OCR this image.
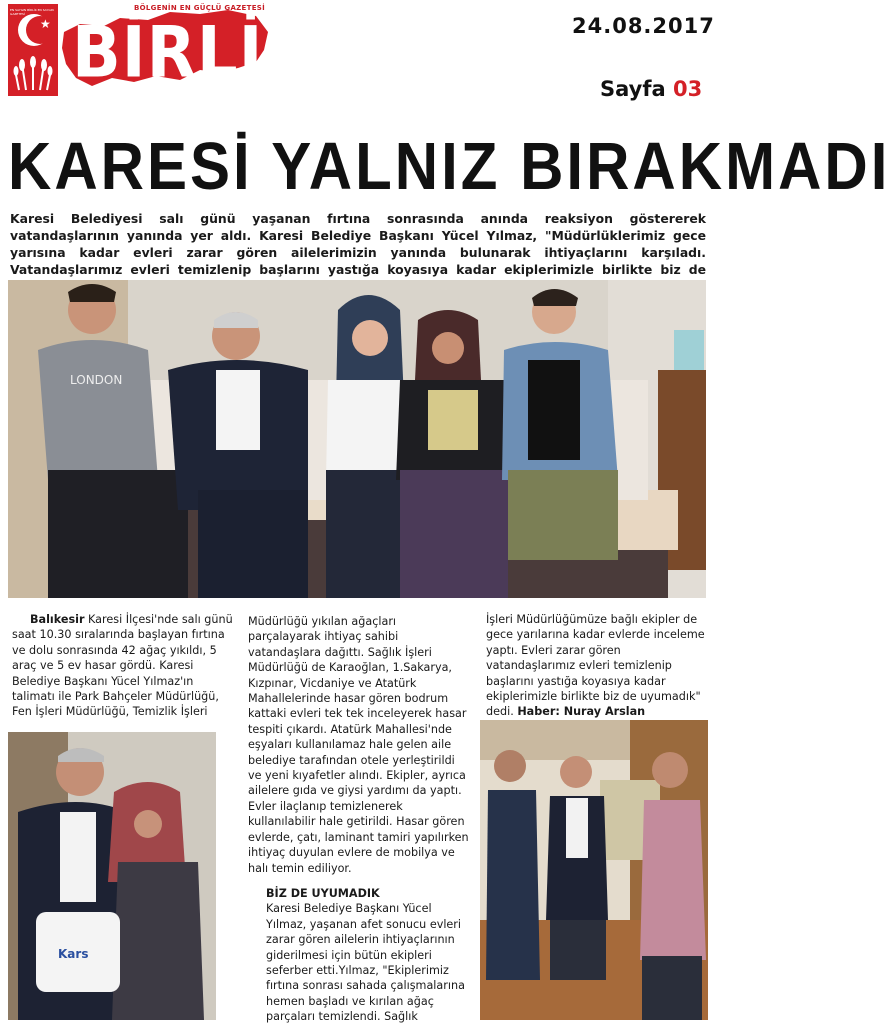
EN SAYGIN BİRLİK EN SAYGIN GAZETESİ
★
BÖLGENİN EN GÜÇLÜ GAZETESİ
BİRLİK	24.08.2017
Sayfa 03
KARESİ YALNIZ BIRAKMADI
Karesi Belediyesi salı günü yaşanan fırtına sonrasında anında reaksiyon göstererek vatandaşlarının yanında yer aldı. Karesi Belediye Başkanı Yücel Yılmaz, "Müdürlüklerimiz gece yarısına kadar evleri zarar gören ailelerimizin yanında bulunarak ihtiyaçlarını karşıladı. Vatandaşlarımız evleri temizlenip başlarını yastığa koyasıya kadar ekiplerimizle birlikte biz de
LONDON
Kars
Balıkesir Karesi İlçesi'nde salı günü saat 10.30 sıralarında başlayan fırtına ve dolu sonrasında 42 ağaç yıkıldı, 5 araç ve 5 ev hasar gördü. Karesi Belediye Başkanı Yücel Yılmaz'ın talimatı ile Park Bahçeler Müdürlüğü, Fen İşleri Müdürlüğü, Temizlik İşleri
Müdürlüğü yıkılan ağaçları parçalayarak ihtiyaç sahibi vatandaşlara dağıttı. Sağlık İşleri Müdürlüğü de Karaoğlan, 1.Sakarya, Kızpınar, Vicdaniye ve Atatürk Mahallelerinde hasar gören bodrum kattaki evleri tek tek inceleyerek hasar tespiti çıkardı. Atatürk Mahallesi'nde eşyaları kullanılamaz hale gelen aile belediye tarafından otele yerleştirildi ve yeni kıyafetler alındı. Ekipler, ayrıca ailelere gıda ve giysi yardımı da yaptı. Evler ilaçlanıp temizlenerek kullanılabilir hale getirildi. Hasar gören evlerde, çatı, laminant tamiri yapılırken ihtiyaç duyulan evlere de mobilya ve halı temin ediliyor.
BİZ DE UYUMADIK
Karesi Belediye Başkanı Yücel Yılmaz, yaşanan afet sonucu evleri zarar gören ailelerin ihtiyaçlarının giderilmesi için bütün ekipleri seferber etti.Yılmaz, "Ekiplerimiz fırtına sonrası sahada çalışmalarına hemen başladı ve kırılan ağaç parçaları temizlendi. Sağlık
İşleri Müdürlüğümüze bağlı ekipler de gece yarılarına kadar evlerde inceleme yaptı. Evleri zarar gören vatandaşlarımız evleri temizlenip başlarını yastığa koyasıya kadar ekiplerimizle birlikte biz de uyumadık" dedi. Haber: Nuray Arslan
